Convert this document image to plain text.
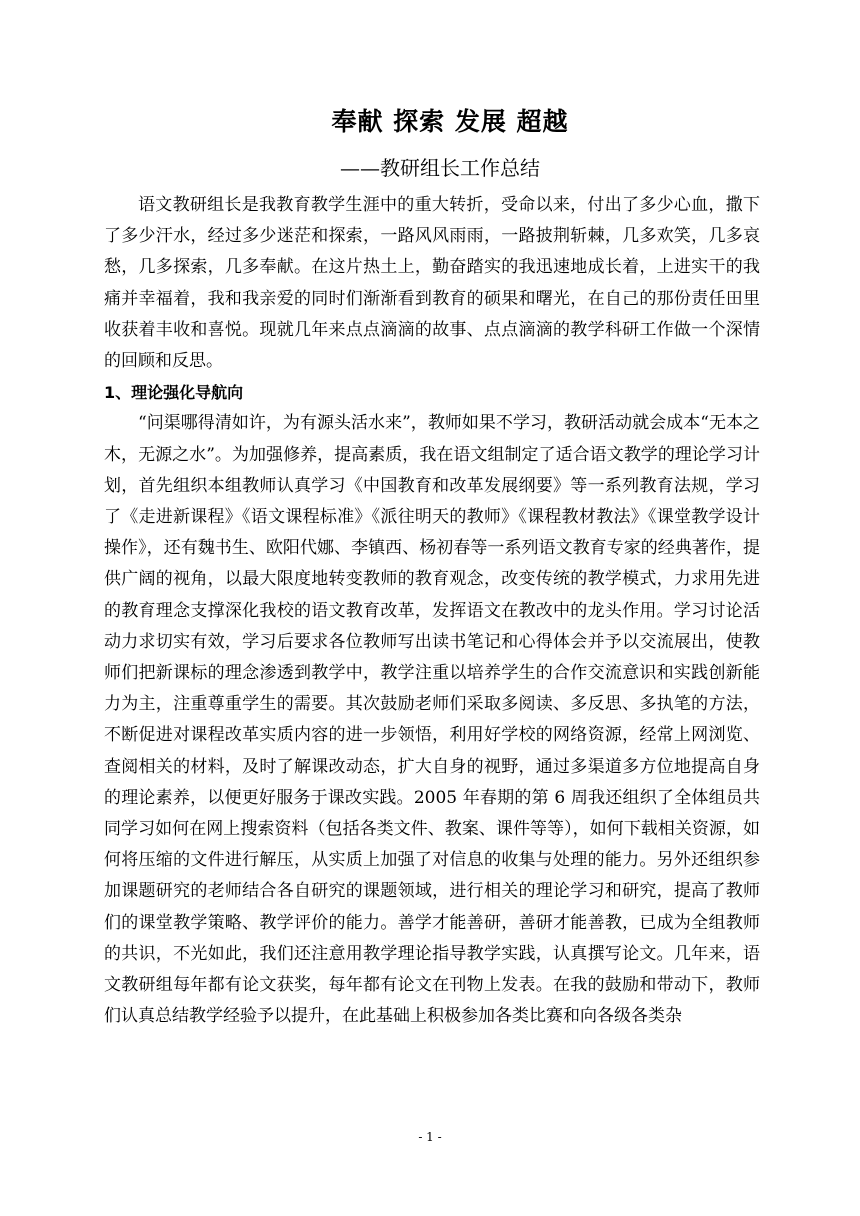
奉献 探索 发展 超越
——教研组长工作总结

语文教研组长是我教育教学生涯中的重大转折，受命以来，付出了多少心血，撒下了多少汗水，经过多少迷茫和探索，一路风风雨雨，一路披荆斩棘，几多欢笑，几多哀愁，几多探索，几多奉献。在这片热土上，勤奋踏实的我迅速地成长着，上进实干的我痛并幸福着，我和我亲爱的同时们渐渐看到教育的硕果和曙光，在自己的那份责任田里收获着丰收和喜悦。现就几年来点点滴滴的故事、点点滴滴的教学科研工作做一个深情的回顾和反思。

1、理论强化导航向

“问渠哪得清如许，为有源头活水来”，教师如果不学习，教研活动就会成本“无本之木，无源之水”。为加强修养，提高素质，我在语文组制定了适合语文教学的理论学习计划，首先组织本组教师认真学习《中国教育和改革发展纲要》等一系列教育法规，学习了《走进新课程》《语文课程标准》《派往明天的教师》《课程教材教法》《课堂教学设计操作》，还有魏书生、欧阳代娜、李镇西、杨初春等一系列语文教育专家的经典著作，提供广阔的视角，以最大限度地转变教师的教育观念，改变传统的教学模式，力求用先进的教育理念支撑深化我校的语文教育改革，发挥语文在教改中的龙头作用。学习讨论活动力求切实有效，学习后要求各位教师写出读书笔记和心得体会并予以交流展出，使教师们把新课标的理念渗透到教学中，教学注重以培养学生的合作交流意识和实践创新能力为主，注重尊重学生的需要。其次鼓励老师们采取多阅读、多反思、多执笔的方法，不断促进对课程改革实质内容的进一步领悟，利用好学校的网络资源，经常上网浏览、查阅相关的材料，及时了解课改动态，扩大自身的视野，通过多渠道多方位地提高自身的理论素养，以便更好服务于课改实践。2005 年春期的第 6 周我还组织了全体组员共同学习如何在网上搜索资料（包括各类文件、教案、课件等等），如何下载相关资源，如何将压缩的文件进行解压，从实质上加强了对信息的收集与处理的能力。另外还组织参加课题研究的老师结合各自研究的课题领域，进行相关的理论学习和研究，提高了教师们的课堂教学策略、教学评价的能力。善学才能善研，善研才能善教，已成为全组教师的共识，不光如此，我们还注意用教学理论指导教学实践，认真撰写论文。几年来，语文教研组每年都有论文获奖，每年都有论文在刊物上发表。在我的鼓励和带动下，教师们认真总结教学经验予以提升，在此基础上积极参加各类比赛和向各级各类杂

- 1 -
